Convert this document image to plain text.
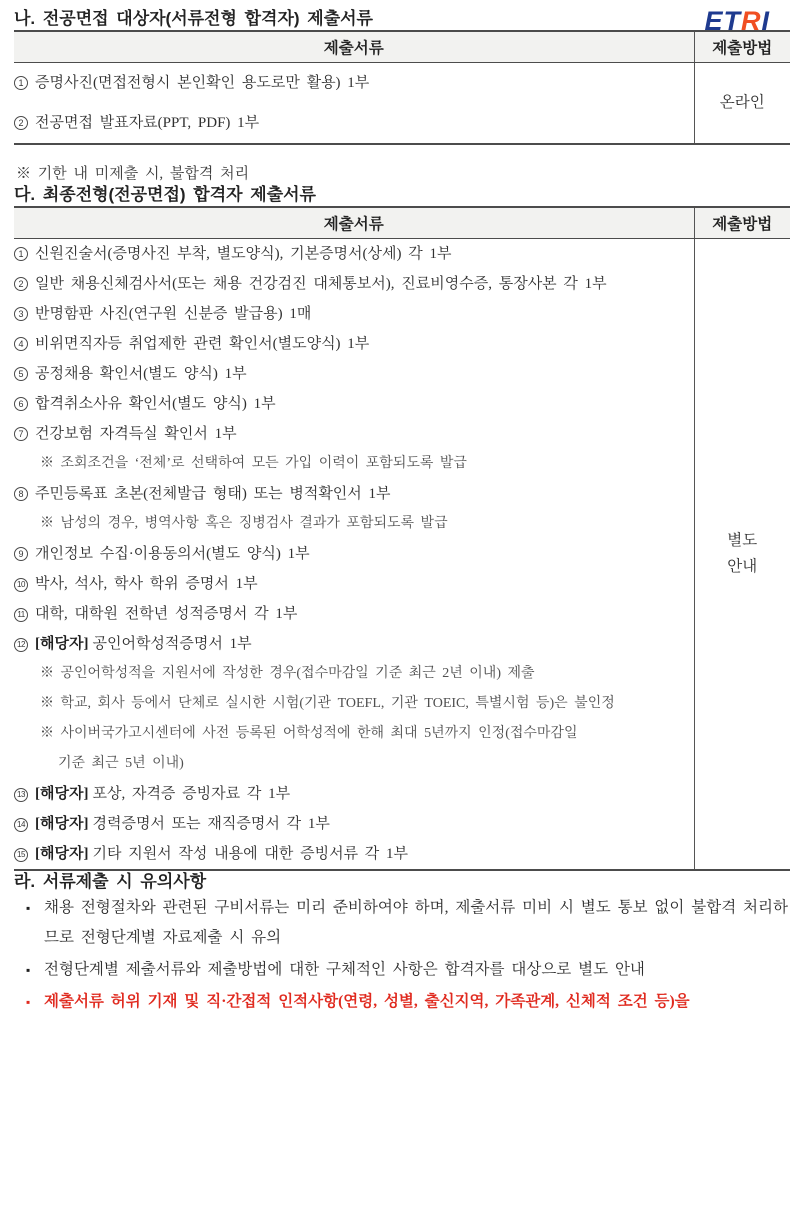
ETRI
나. 전공면접 대상자(서류전형 합격자) 제출서류
제출서류	제출방법

1 증명사진(면접전형시 본인확인 용도로만 활용) 1부
2 전공면접 발표자료(PPT, PDF) 1부	온라인

※ 기한 내 미제출 시, 불합격 처리

다. 최종전형(전공면접) 합격자 제출서류
제출서류	제출방법

1 신원진술서(증명사진 부착, 별도양식), 기본증명서(상세) 각 1부
2 일반 채용신체검사서(또는 채용 건강검진 대체통보서), 진료비영수증, 통장사본 각 1부
3 반명함판 사진(연구원 신분증 발급용) 1매
4 비위면직자등 취업제한 관련 확인서(별도양식) 1부
5 공정채용 확인서(별도 양식) 1부
6 합격취소사유 확인서(별도 양식) 1부
7 건강보험 자격득실 확인서 1부
※ 조회조건을 ‘전체’로 선택하여 모든 가입 이력이 포함되도록 발급
8 주민등록표 초본(전체발급 형태) 또는 병적확인서 1부
※ 남성의 경우, 병역사항 혹은 징병검사 결과가 포함되도록 발급
9 개인정보 수집·이용동의서(별도 양식) 1부
10 박사, 석사, 학사 학위 증명서 1부
11 대학, 대학원 전학년 성적증명서 각 1부
12 [해당자] 공인어학성적증명서 1부
※ 공인어학성적을 지원서에 작성한 경우(접수마감일 기준 최근 2년 이내) 제출
※ 학교, 회사 등에서 단체로 실시한 시험(기관 TOEFL, 기관 TOEIC, 특별시험 등)은 불인정
※ 사이버국가고시센터에 사전 등록된 어학성적에 한해 최대 5년까지 인정(접수마감일
기준 최근 5년 이내)
13 [해당자] 포상, 자격증 증빙자료 각 1부
14 [해당자] 경력증명서 또는 재직증명서 각 1부
15 [해당자] 기타 지원서 작성 내용에 대한 증빙서류 각 1부

별도
안내
라. 서류제출 시 유의사항
▪ 채용 전형절차와 관련된 구비서류는 미리 준비하여야 하며, 제출서류 미비 시 별도 통보 없이 불합격 처리하므로 전형단계별 자료제출 시 유의
▪ 전형단계별 제출서류와 제출방법에 대한 구체적인 사항은 합격자를 대상으로 별도 안내
▪ 제출서류 허위 기재 및 직·간접적 인적사항(연령, 성별, 출신지역, 가족관계, 신체적 조건 등)을
